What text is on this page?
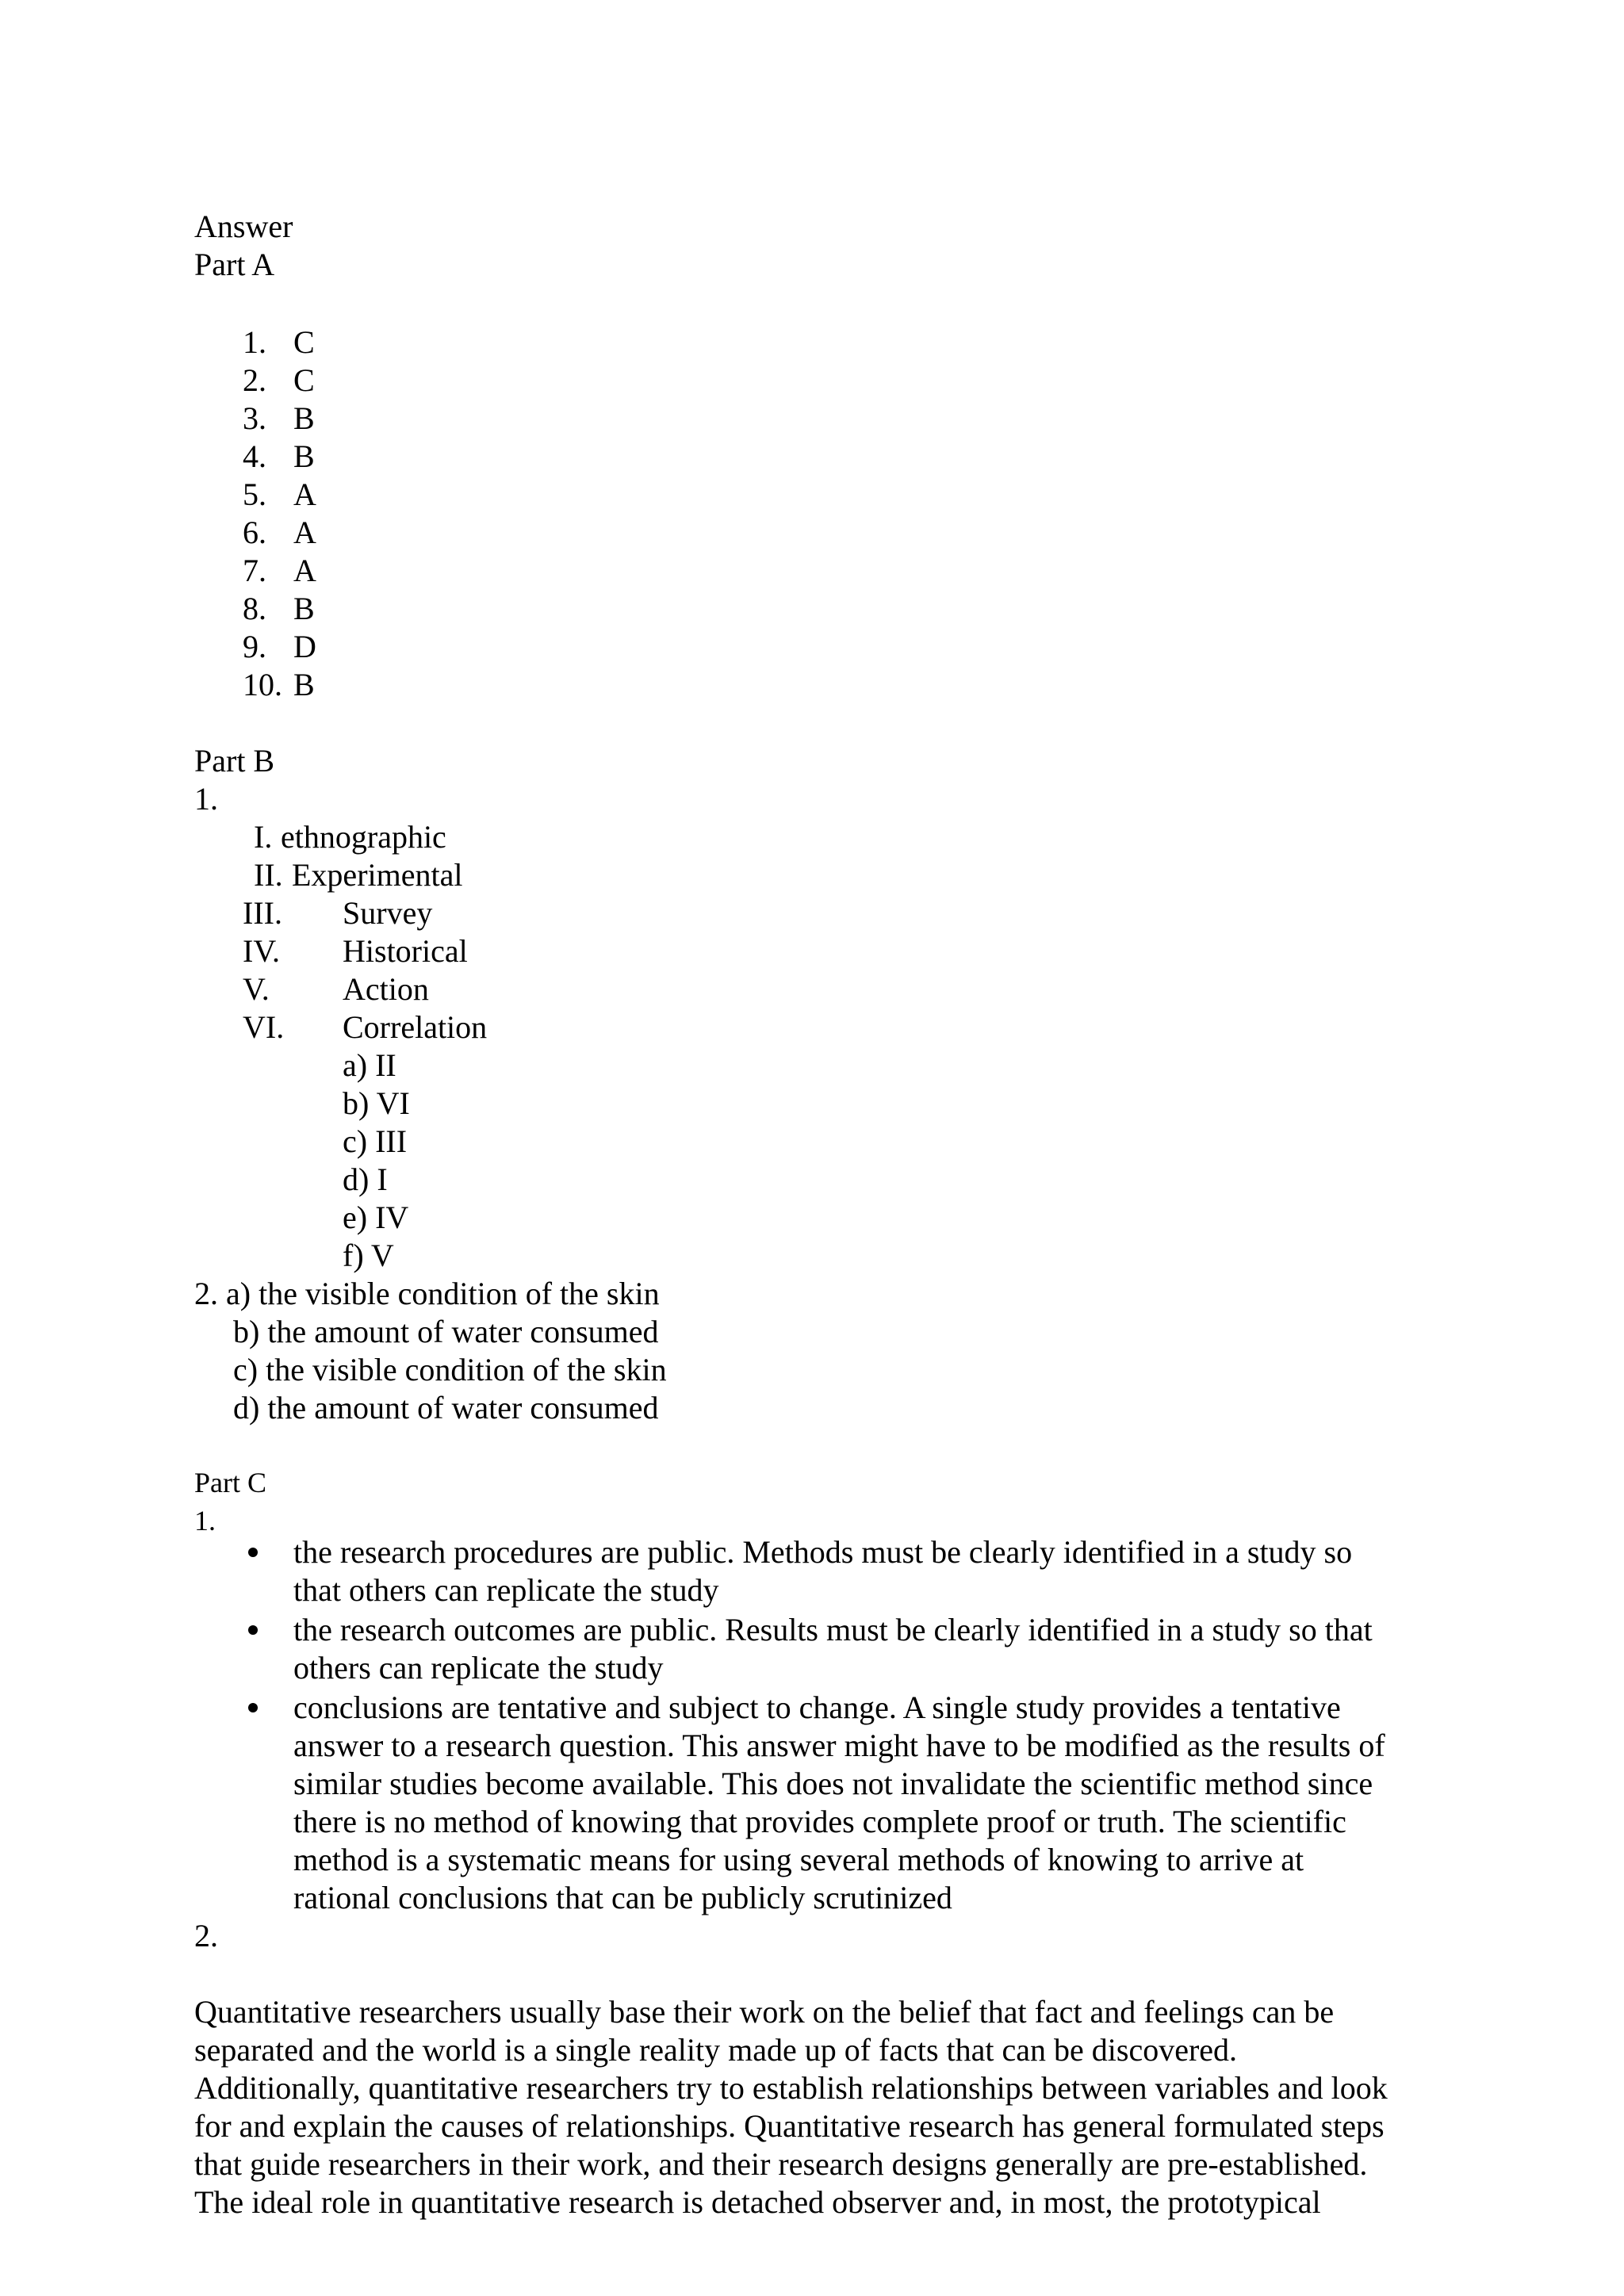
Answer
Part A
1. C
2. C
3. B
4. B
5. A
6. A
7. A
8. B
9. D
10. B
Part B
1.
I. ethnographic
II. Experimental
III. Survey
IV. Historical
V. Action
VI. Correlation
a) II
b) VI
c) III
d) I
e) IV
f) V
2. a) the visible condition of the skin
b) the amount of water consumed
c) the visible condition of the skin
d) the amount of water consumed
Part C
1.
the research procedures are public. Methods must be clearly identified in a study so
that others can replicate the study
the research outcomes are public. Results must be clearly identified in a study so that
others can replicate the study
conclusions are tentative and subject to change. A single study provides a tentative
answer to a research question. This answer might have to be modified as the results of
similar studies become available. This does not invalidate the scientific method since
there is no method of knowing that provides complete proof or truth. The scientific
method is a systematic means for using several methods of knowing to arrive at
rational conclusions that can be publicly scrutinized
2.
Quantitative researchers usually base their work on the belief that fact and feelings can be
separated and the world is a single reality made up of facts that can be discovered.
Additionally, quantitative researchers try to establish relationships between variables and look
for and explain the causes of relationships. Quantitative research has general formulated steps
that guide researchers in their work, and their research designs generally are pre-established.
The ideal role in quantitative research is detached observer and, in most, the prototypical
